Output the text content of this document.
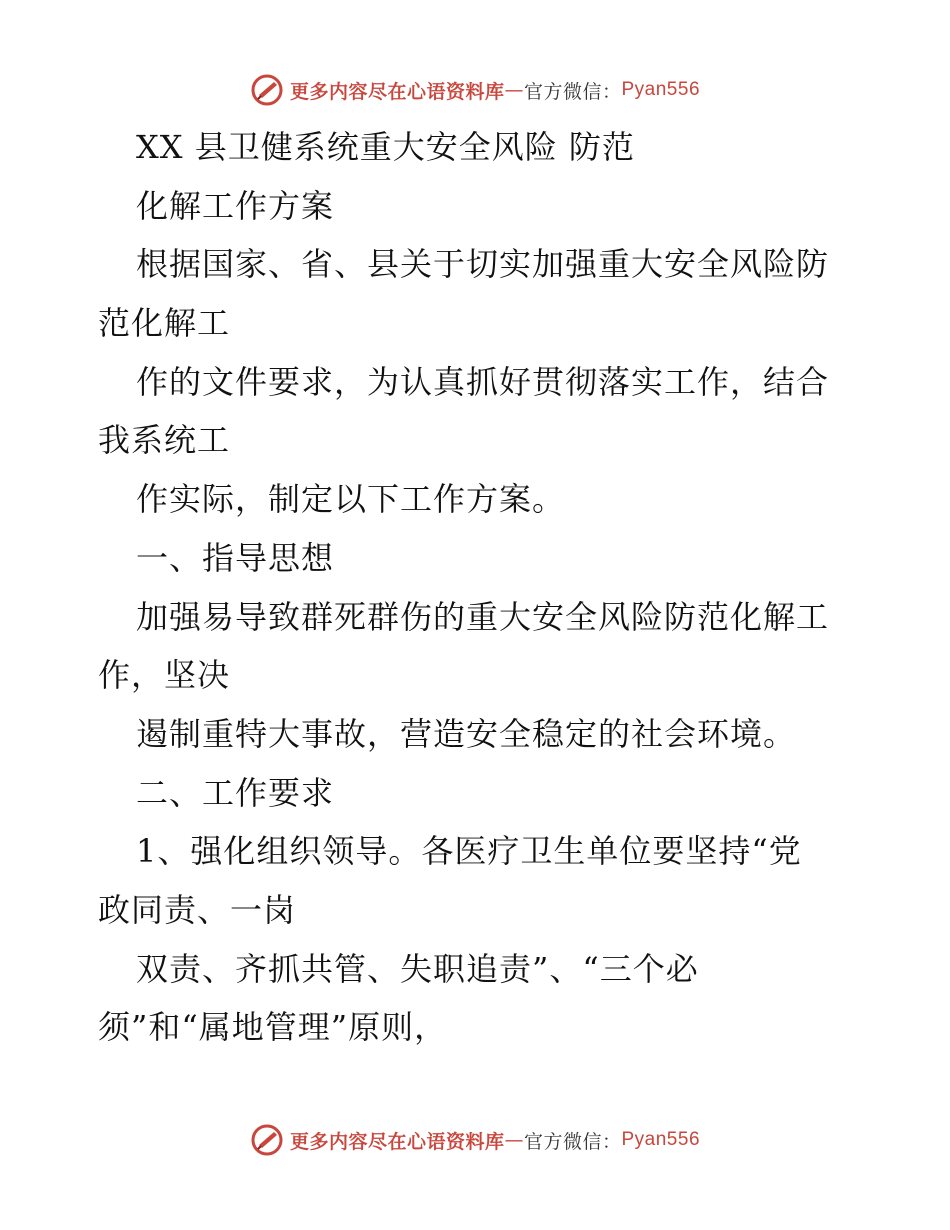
更多内容尽在心语资料库 — 官方微信： Pyan556
XX 县卫健系统重大安全风险 防范
化解工作方案
根据国家、省、县关于切实加强重大安全风险防
范化解工
作的文件要求，为认真抓好贯彻落实工作，结合
我系统工
作实际，制定以下工作方案。
一、指导思想
加强易导致群死群伤的重大安全风险防范化解工
作，坚决
遏制重特大事故，营造安全稳定的社会环境。
二、工作要求
1、强化组织领导。各医疗卫生单位要坚持“党
政同责、一岗
双责、齐抓共管、失职追责”、“三个必
须”和“属地管理”原则，
更多内容尽在心语资料库 — 官方微信： Pyan556
